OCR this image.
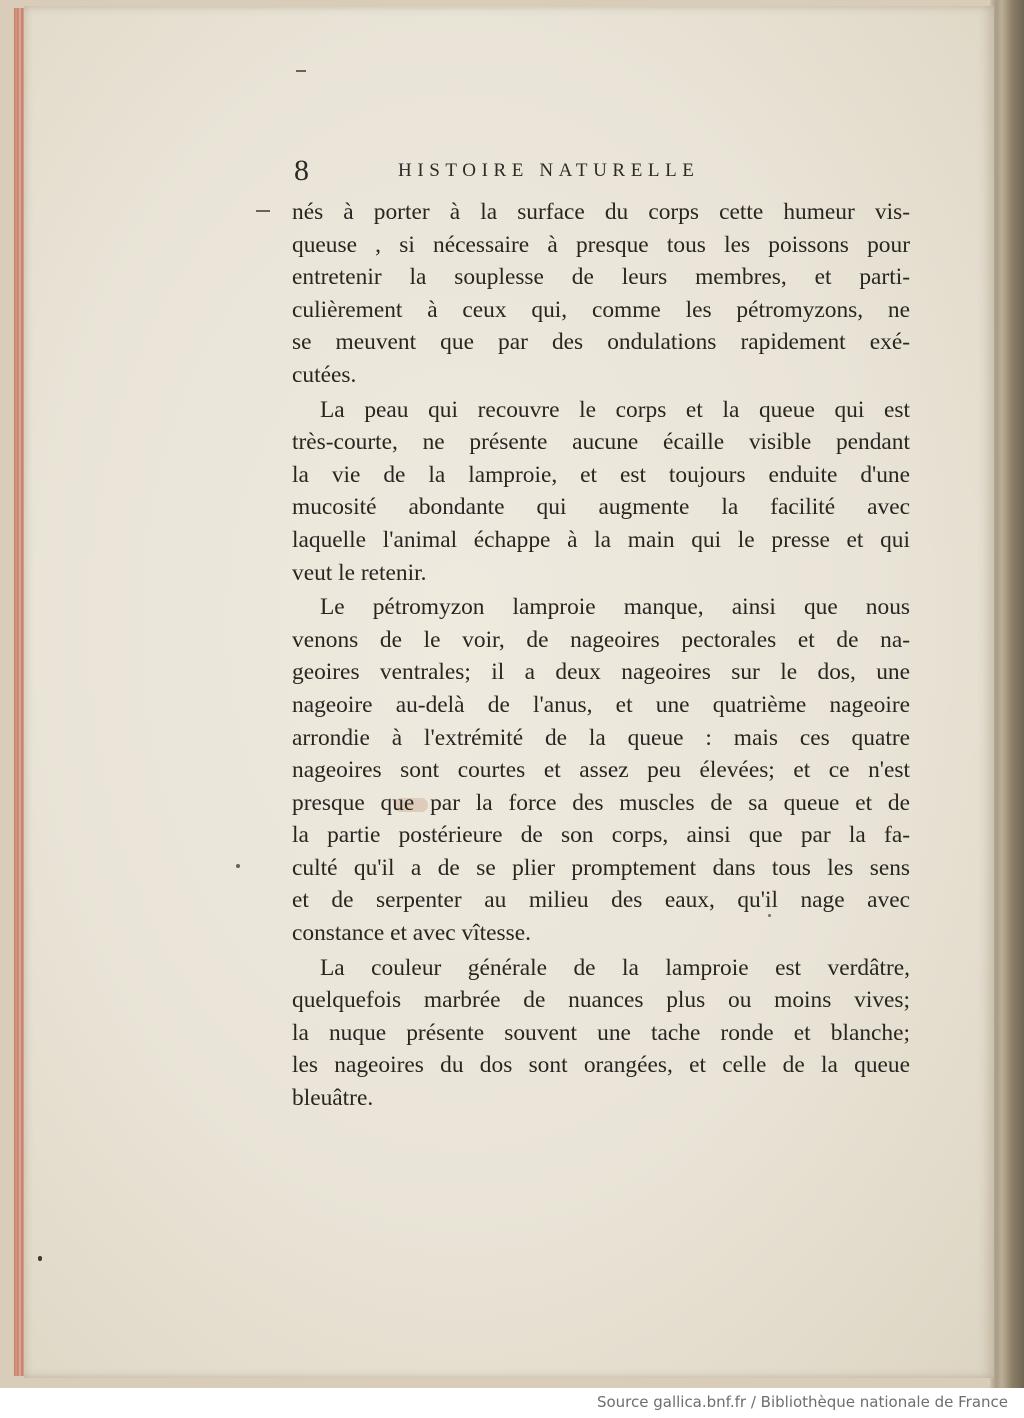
8	HISTOIRE NATURELLE
nés à porter à la surface du corps cette humeur vis-
queuse , si nécessaire à presque tous les poissons pour
entretenir la souplesse de leurs membres, et parti-
culièrement à ceux qui, comme les pétromyzons, ne
se meuvent que par des ondulations rapidement exé-
cutées.
La peau qui recouvre le corps et la queue qui est
très-courte, ne présente aucune écaille visible pendant
la vie de la lamproie, et est toujours enduite d'une
mucosité abondante qui augmente la facilité avec
laquelle l'animal échappe à la main qui le presse et qui
veut le retenir.
Le pétromyzon lamproie manque, ainsi que nous
venons de le voir, de nageoires pectorales et de na-
geoires ventrales; il a deux nageoires sur le dos, une
nageoire au-delà de l'anus, et une quatrième nageoire
arrondie à l'extrémité de la queue : mais ces quatre
nageoires sont courtes et assez peu élevées; et ce n'est
presque que par la force des muscles de sa queue et de
la partie postérieure de son corps, ainsi que par la fa-
culté qu'il a de se plier promptement dans tous les sens
et de serpenter au milieu des eaux, qu'il nage avec
constance et avec vîtesse.
La couleur générale de la lamproie est verdâtre,
quelquefois marbrée de nuances plus ou moins vives;
la nuque présente souvent une tache ronde et blanche;
les nageoires du dos sont orangées, et celle de la queue
bleuâtre.
Source gallica.bnf.fr / Bibliothèque nationale de France
